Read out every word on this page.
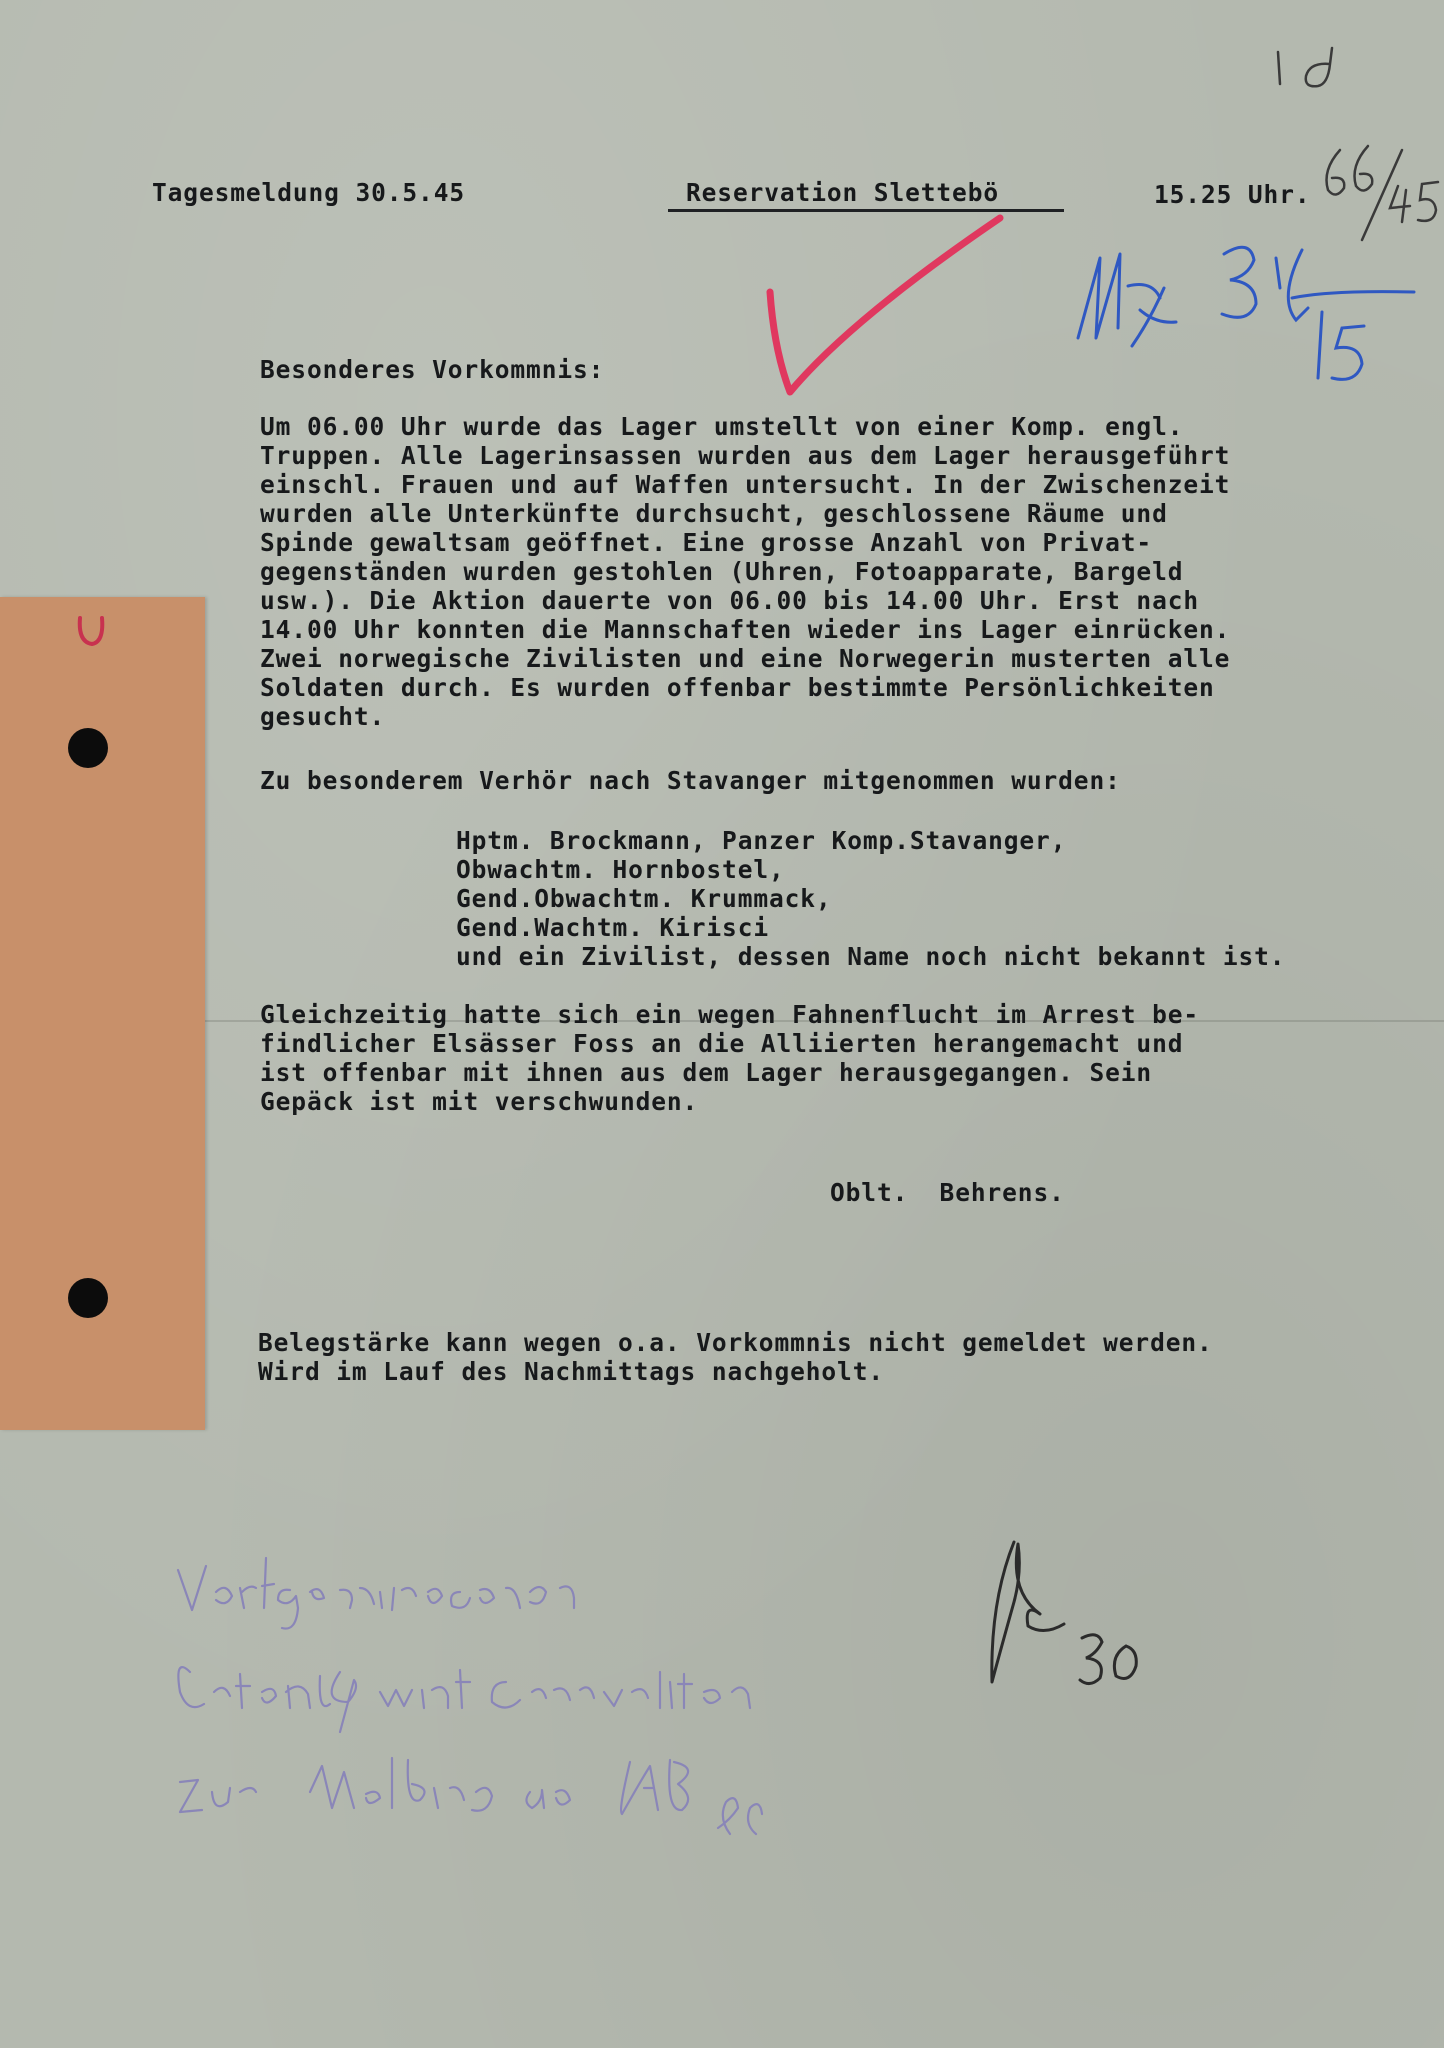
Tagesmeldung 30.5.45	Reservation Slettebö	15.25 Uhr.
Besonderes Vorkommnis:
Um 06.00 Uhr wurde das Lager umstellt von einer Komp. engl.
Truppen. Alle Lagerinsassen wurden aus dem Lager herausgeführt
einschl. Frauen und auf Waffen untersucht. In der Zwischenzeit
wurden alle Unterkünfte durchsucht, geschlossene Räume und
Spinde gewaltsam geöffnet. Eine grosse Anzahl von Privat-
gegenständen wurden gestohlen (Uhren, Fotoapparate, Bargeld
usw.). Die Aktion dauerte von 06.00 bis 14.00 Uhr. Erst nach
14.00 Uhr konnten die Mannschaften wieder ins Lager einrücken.
Zwei norwegische Zivilisten und eine Norwegerin musterten alle
Soldaten durch. Es wurden offenbar bestimmte Persönlichkeiten
gesucht.
Zu besonderem Verhör nach Stavanger mitgenommen wurden:
Hptm. Brockmann, Panzer Komp.Stavanger,
Obwachtm. Hornbostel,
Gend.Obwachtm. Krummack,
Gend.Wachtm. Kirisci
und ein Zivilist, dessen Name noch nicht bekannt ist.
Gleichzeitig hatte sich ein wegen Fahnenflucht im Arrest be-
findlicher Elsässer Foss an die Alliierten herangemacht und
ist offenbar mit ihnen aus dem Lager herausgegangen. Sein
Gepäck ist mit verschwunden.
Oblt.  Behrens.
Belegstärke kann wegen o.a. Vorkommnis nicht gemeldet werden.
Wird im Lauf des Nachmittags nachgeholt.
